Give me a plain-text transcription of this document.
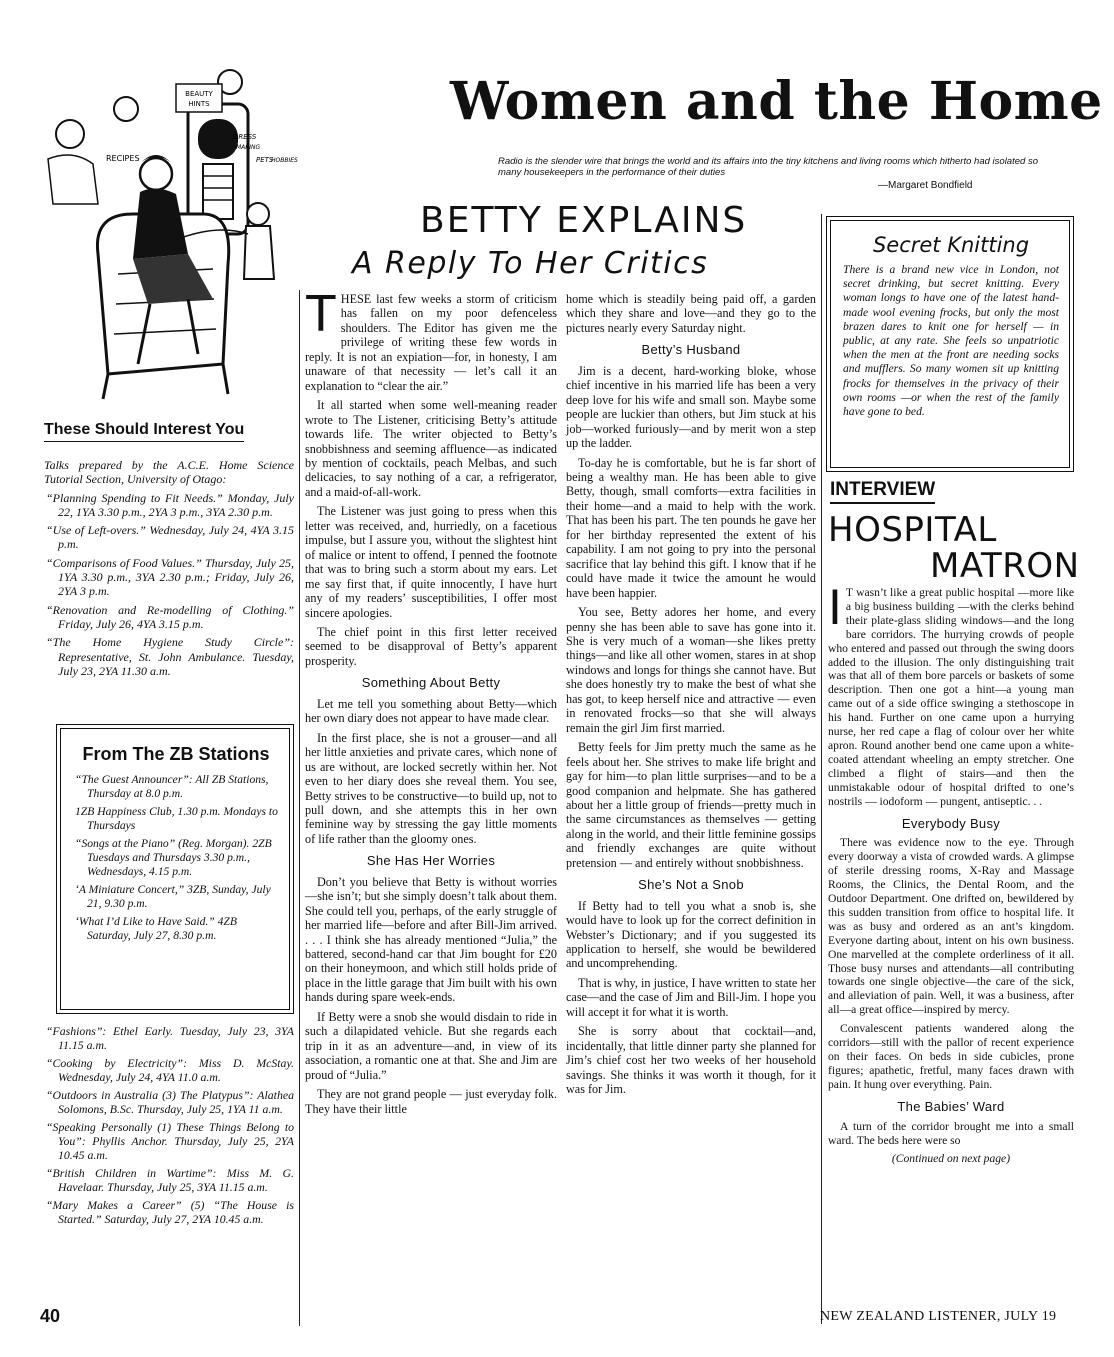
BEAUTY
HINTS
DRESS
MAKING
RECIPES	PETS
HOBBIES
Women and the Home
Radio is the slender wire that brings the world and its affairs into the tiny kitchens and living rooms which hitherto had isolated so many housekeepers in the performance of their duties
—Margaret Bondfield
BETTY EXPLAINS
A Reply To Her Critics
These Should Interest You

Talks prepared by the A.C.E. Home Science Tutorial Section, University of Otago:

“Planning Spending to Fit Needs.” Monday, July 22, 1YA 3.30 p.m., 2YA 3 p.m., 3YA 2.30 p.m.

“Use of Left-overs.” Wednesday, July 24, 4YA 3.15 p.m.

“Comparisons of Food Values.” Thursday, July 25, 1YA 3.30 p.m., 3YA 2.30 p.m.; Friday, July 26, 2YA 3 p.m.

“Renovation and Re-modelling of Clothing.” Friday, July 26, 4YA 3.15 p.m.

“The Home Hygiene Study Circle”: Representative, St. John Ambulance. Tuesday, July 23, 2YA 11.30 a.m.

From The ZB Stations

“The Guest Announcer”: All ZB Stations, Thursday at 8.0 p.m.

1ZB Happiness Club, 1.30 p.m. Mondays to Thursdays

“Songs at the Piano” (Reg. Morgan). 2ZB Tuesdays and Thursdays 3.30 p.m., Wednesdays, 4.15 p.m.

‘A Miniature Concert,” 3ZB, Sunday, July 21, 9.30 p.m.

‘What I’d Like to Have Said.” 4ZB Saturday, July 27, 8.30 p.m.

“Fashions”: Ethel Early. Tuesday, July 23, 3YA 11.15 a.m.

“Cooking by Electricity”: Miss D. McStay. Wednesday, July 24, 4YA 11.0 a.m.

“Outdoors in Australia (3) The Platypus”: Alathea Solomons, B.Sc. Thursday, July 25, 1YA 11 a.m.

“Speaking Personally (1) These Things Belong to You”: Phyllis Anchor. Thursday, July 25, 2YA 10.45 a.m.

“British Children in Wartime”: Miss M. G. Havelaar. Thursday, July 25, 3YA 11.15 a.m.

“Mary Makes a Career” (5) “The House is Started.” Saturday, July 27, 2YA 10.45 a.m.

THESE last few weeks a storm of criticism has fallen on my poor defenceless shoulders. The Editor has given me the privilege of writing these few words in reply. It is not an expiation—for, in honesty, I am unaware of that necessity — let’s call it an explanation to “clear the air.”

It all started when some well-meaning reader wrote to The Listener, criticising Betty’s attitude towards life. The writer objected to Betty’s snobbishness and seeming affluence—as indicated by mention of cocktails, peach Melbas, and such delicacies, to say nothing of a car, a refrigerator, and a maid-of-all-work.

The Listener was just going to press when this letter was received, and, hurriedly, on a facetious impulse, but I assure you, without the slightest hint of malice or intent to offend, I penned the footnote that was to bring such a storm about my ears. Let me say first that, if quite innocently, I have hurt any of my readers’ susceptibilities, I offer most sincere apologies.

The chief point in this first letter received seemed to be disapproval of Betty’s apparent prosperity.

Something About Betty

Let me tell you something about Betty—which her own diary does not appear to have made clear.

In the first place, she is not a grouser—and all her little anxieties and private cares, which none of us are without, are locked secretly within her. Not even to her diary does she reveal them. You see, Betty strives to be constructive—to build up, not to pull down, and she attempts this in her own feminine way by stressing the gay little moments of life rather than the gloomy ones.

She Has Her Worries

Don’t you believe that Betty is without worries—she isn’t; but she simply doesn’t talk about them. She could tell you, perhaps, of the early struggle of her married life—before and after Bill-Jim arrived. . . . I think she has already mentioned “Julia,” the battered, second-hand car that Jim bought for £20 on their honeymoon, and which still holds pride of place in the little garage that Jim built with his own hands during spare week-ends.

If Betty were a snob she would disdain to ride in such a dilapidated vehicle. But she regards each trip in it as an adventure—and, in view of its association, a romantic one at that. She and Jim are proud of “Julia.”

They are not grand people — just everyday folk. They have their little

home which is steadily being paid off, a garden which they share and love—and they go to the pictures nearly every Saturday night.

Betty’s Husband

Jim is a decent, hard-working bloke, whose chief incentive in his married life has been a very deep love for his wife and small son. Maybe some people are luckier than others, but Jim stuck at his job—worked furiously—and by merit won a step up the ladder.

To-day he is comfortable, but he is far short of being a wealthy man. He has been able to give Betty, though, small comforts—extra facilities in their home—and a maid to help with the work. That has been his part. The ten pounds he gave her for her birthday represented the extent of his capability. I am not going to pry into the personal sacrifice that lay behind this gift. I know that if he could have made it twice the amount he would have been happier.

You see, Betty adores her home, and every penny she has been able to save has gone into it. She is very much of a woman—she likes pretty things—and like all other women, stares in at shop windows and longs for things she cannot have. But she does honestly try to make the best of what she has got, to keep herself nice and attractive — even in renovated frocks—so that she will always remain the girl Jim first married.

Betty feels for Jim pretty much the same as he feels about her. She strives to make life bright and gay for him—to plan little surprises—and to be a good companion and helpmate. She has gathered about her a little group of friends—pretty much in the same circumstances as themselves — getting along in the world, and their little feminine gossips and friendly exchanges are quite without pretension — and entirely without snobbishness.

She’s Not a Snob

If Betty had to tell you what a snob is, she would have to look up for the correct definition in Webster’s Dictionary; and if you suggested its application to herself, she would be bewildered and uncomprehending.

That is why, in justice, I have written to state her case—and the case of Jim and Bill-Jim. I hope you will accept it for what it is worth.

She is sorry about that cocktail—and, incidentally, that little dinner party she planned for Jim’s chief cost her two weeks of her household savings. She thinks it was worth it though, for it was for Jim.

Secret Knitting
There is a brand new vice in London, not secret drinking, but secret knitting. Every woman longs to have one of the latest hand-made wool evening frocks, but only the most brazen dares to knit one for herself — in public, at any rate. She feels so unpatriotic when the men at the front are needing socks and mufflers. So many women sit up knitting frocks for themselves in the privacy of their own rooms —or when the rest of the family have gone to bed.
INTERVIEW
HOSPITAL
MATRON

I T wasn’t like a great public hospital —more like a big business building —with the clerks behind their plate-glass sliding windows—and the long bare corridors. The hurrying crowds of people who entered and passed out through the swing doors added to the illusion. The only distinguishing trait was that all of them bore parcels or baskets of some description. Then one got a hint—a young man came out of a side office swinging a stethoscope in his hand. Further on one came upon a hurrying nurse, her red cape a flag of colour over her white apron. Round another bend one came upon a white-coated attendant wheeling an empty stretcher. One climbed a flight of stairs—and then the unmistakable odour of hospital drifted to one’s nostrils — iodoform — pungent, antiseptic. . .

Everybody Busy

There was evidence now to the eye. Through every doorway a vista of crowded wards. A glimpse of sterile dressing rooms, X-Ray and Massage Rooms, the Clinics, the Dental Room, and the Outdoor Department. One drifted on, bewildered by this sudden transition from office to hospital life. It was as busy and ordered as an ant’s kingdom. Everyone darting about, intent on his own business. One marvelled at the complete orderliness of it all. Those busy nurses and attendants—all contributing towards one single objective—the care of the sick, and alleviation of pain. Well, it was a business, after all—a great office—inspired by mercy.

Convalescent patients wandered along the corridors—still with the pallor of recent experience on their faces. On beds in side cubicles, prone figures; apathetic, fretful, many faces drawn with pain. It hung over everything. Pain.

The Babies’ Ward

A turn of the corridor brought me into a small ward. The beds here were so

(Continued on next page)
40	NEW ZEALAND LISTENER, JULY 19
